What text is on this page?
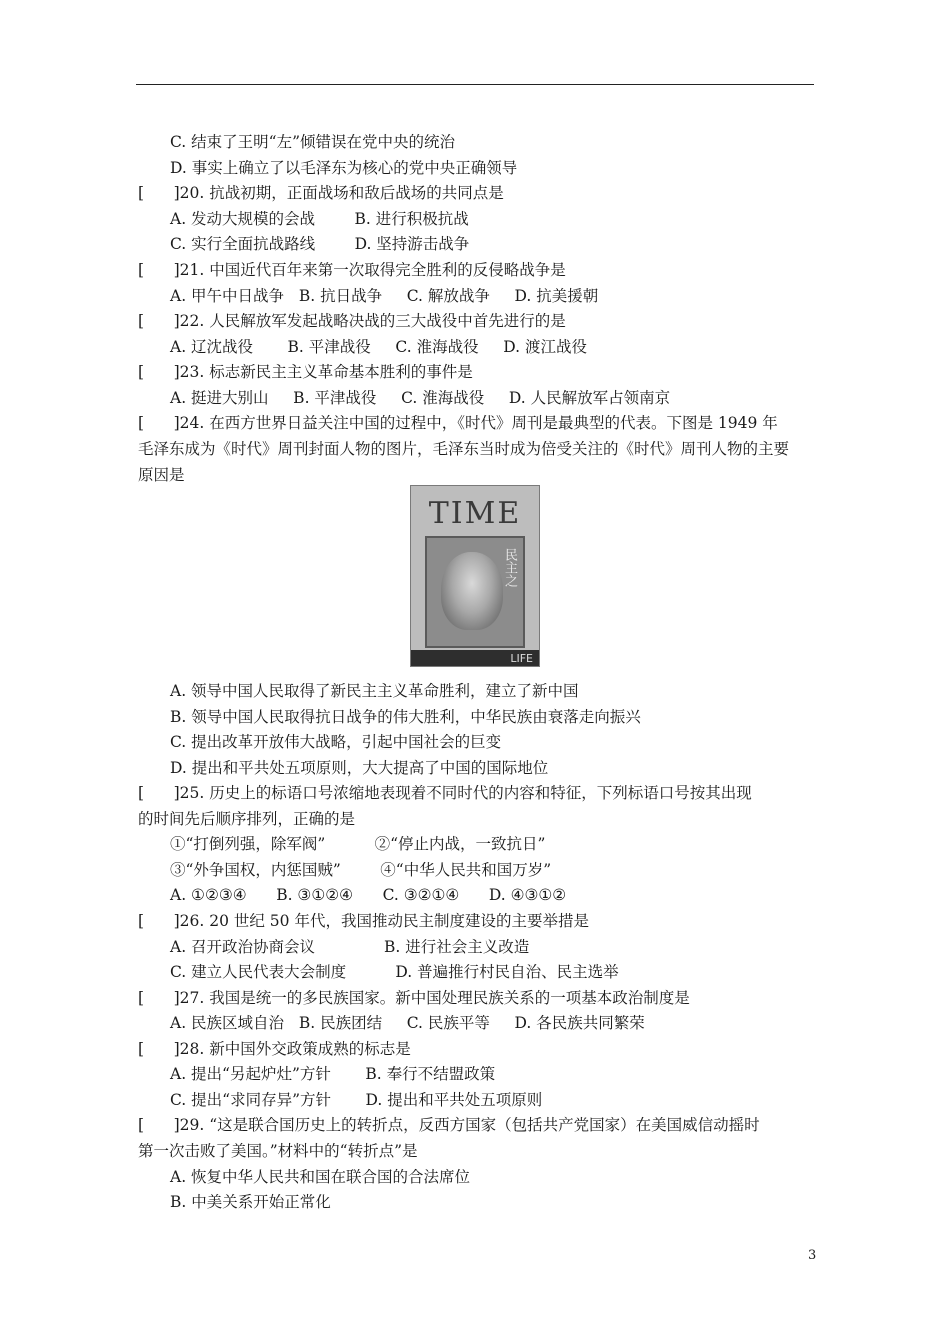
C. 结束了王明“左”倾错误在党中央的统治
D. 事实上确立了以毛泽东为核心的党中央正确领导
[      ]20. 抗战初期，正面战场和敌后战场的共同点是
A. 发动大规模的会战        B. 进行积极抗战
C. 实行全面抗战路线        D. 坚持游击战争
[      ]21. 中国近代百年来第一次取得完全胜利的反侵略战争是
A. 甲午中日战争   B. 抗日战争     C. 解放战争     D. 抗美援朝
[      ]22. 人民解放军发起战略决战的三大战役中首先进行的是
A. 辽沈战役       B. 平津战役     C. 淮海战役     D. 渡江战役
[      ]23. 标志新民主主义革命基本胜利的事件是
A. 挺进大别山     B. 平津战役     C. 淮海战役     D. 人民解放军占领南京
[      ]24. 在西方世界日益关注中国的过程中，《时代》周刊是最典型的代表。下图是 1949 年
毛泽东成为《时代》周刊封面人物的图片，毛泽东当时成为倍受关注的《时代》周刊人物的主要
原因是
TIME
民主之
LIFE
A. 领导中国人民取得了新民主主义革命胜利，建立了新中国
B. 领导中国人民取得抗日战争的伟大胜利，中华民族由衰落走向振兴
C. 提出改革开放伟大战略，引起中国社会的巨变
D. 提出和平共处五项原则，大大提高了中国的国际地位
[      ]25. 历史上的标语口号浓缩地表现着不同时代的内容和特征，下列标语口号按其出现
的时间先后顺序排列，正确的是
①“打倒列强，除军阀”          ②“停止内战，一致抗日”
③“外争国权，内惩国贼”        ④“中华人民共和国万岁”
A. ①②③④      B. ③①②④      C. ③②①④      D. ④③①②
[      ]26. 20 世纪 50 年代，我国推动民主制度建设的主要举措是
A. 召开政治协商会议              B. 进行社会主义改造
C. 建立人民代表大会制度          D. 普遍推行村民自治、民主选举
[      ]27. 我国是统一的多民族国家。新中国处理民族关系的一项基本政治制度是
A. 民族区域自治   B. 民族团结     C. 民族平等     D. 各民族共同繁荣
[      ]28. 新中国外交政策成熟的标志是
A. 提出“另起炉灶”方针       B. 奉行不结盟政策
C. 提出“求同存异”方针       D. 提出和平共处五项原则
[      ]29. “这是联合国历史上的转折点，反西方国家（包括共产党国家）在美国威信动摇时
第一次击败了美国。”材料中的“转折点”是
A. 恢复中华人民共和国在联合国的合法席位
B. 中美关系开始正常化
3
